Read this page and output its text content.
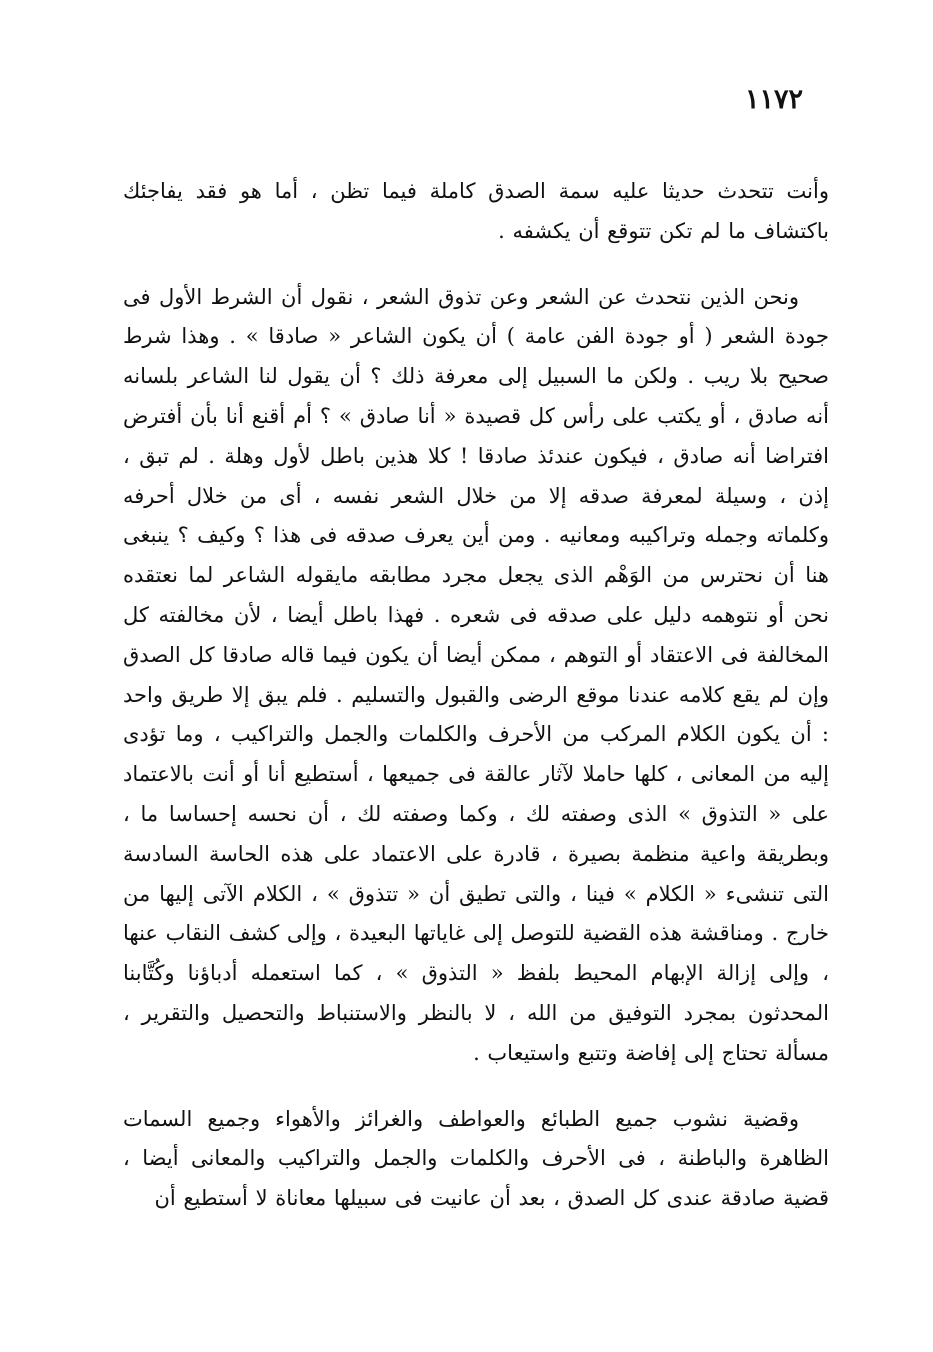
١١٧٢

وأنت تتحدث حديثا عليه سمة الصدق كاملة فيما تظن ، أما هو فقد يفاجئك باكتشاف ما لم تكن تتوقع أن يكشفه .

ونحن الذين نتحدث عن الشعر وعن تذوق الشعر ، نقول أن الشرط الأول فى جودة الشعر ( أو جودة الفن عامة ) أن يكون الشاعر « صادقا » . وهذا شرط صحيح بلا ريب . ولكن ما السبيل إلى معرفة ذلك ؟ أن يقول لنا الشاعر بلسانه أنه صادق ، أو يكتب على رأس كل قصيدة « أنا صادق » ؟ أم أقنع أنا بأن أفترض افتراضا أنه صادق ، فيكون عندئذ صادقا ! كلا هذين باطل لأول وهلة . لم تبق ، إذن ، وسيلة لمعرفة صدقه إلا من خلال الشعر نفسه ، أى من خلال أحرفه وكلماته وجمله وتراكيبه ومعانيه . ومن أين يعرف صدقه فى هذا ؟ وكيف ؟ ينبغى هنا أن نحترس من الوَهْم الذى يجعل مجرد مطابقه مايقوله الشاعر لما نعتقده نحن أو نتوهمه دليل على صدقه فى شعره . فهذا باطل أيضا ، لأن مخالفته كل المخالفة فى الاعتقاد أو التوهم ، ممكن أيضا أن يكون فيما قاله صادقا كل الصدق وإن لم يقع كلامه عندنا موقع الرضى والقبول والتسليم . فلم يبق إلا طريق واحد : أن يكون الكلام المركب من الأحرف والكلمات والجمل والتراكيب ، وما تؤدى إليه من المعانى ، كلها حاملا لآثار عالقة فى جميعها ، أستطيع أنا أو أنت بالاعتماد على « التذوق » الذى وصفته لك ، وكما وصفته لك ، أن نحسه إحساسا ما ، وبطريقة واعية منظمة بصيرة ، قادرة على الاعتماد على هذه الحاسة السادسة التى تنشىء « الكلام » فينا ، والتى تطيق أن « تتذوق » ، الكلام الآتى إليها من خارج . ومناقشة هذه القضية للتوصل إلى غاياتها البعيدة ، وإلى كشف النقاب عنها ، وإلى إزالة الإبهام المحيط بلفظ « التذوق » ، كما استعمله أدباؤنا وكُتَّابنا المحدثون بمجرد التوفيق من الله ، لا بالنظر والاستنباط والتحصيل والتقرير ، مسألة تحتاج إلى إفاضة وتتبع واستيعاب .

وقضية نشوب جميع الطبائع والعواطف والغرائز والأهواء وجميع السمات الظاهرة والباطنة ، فى الأحرف والكلمات والجمل والتراكيب والمعانى أيضا ، قضية صادقة عندى كل الصدق ، بعد أن عانيت فى سبيلها معاناة لا أستطيع أن
